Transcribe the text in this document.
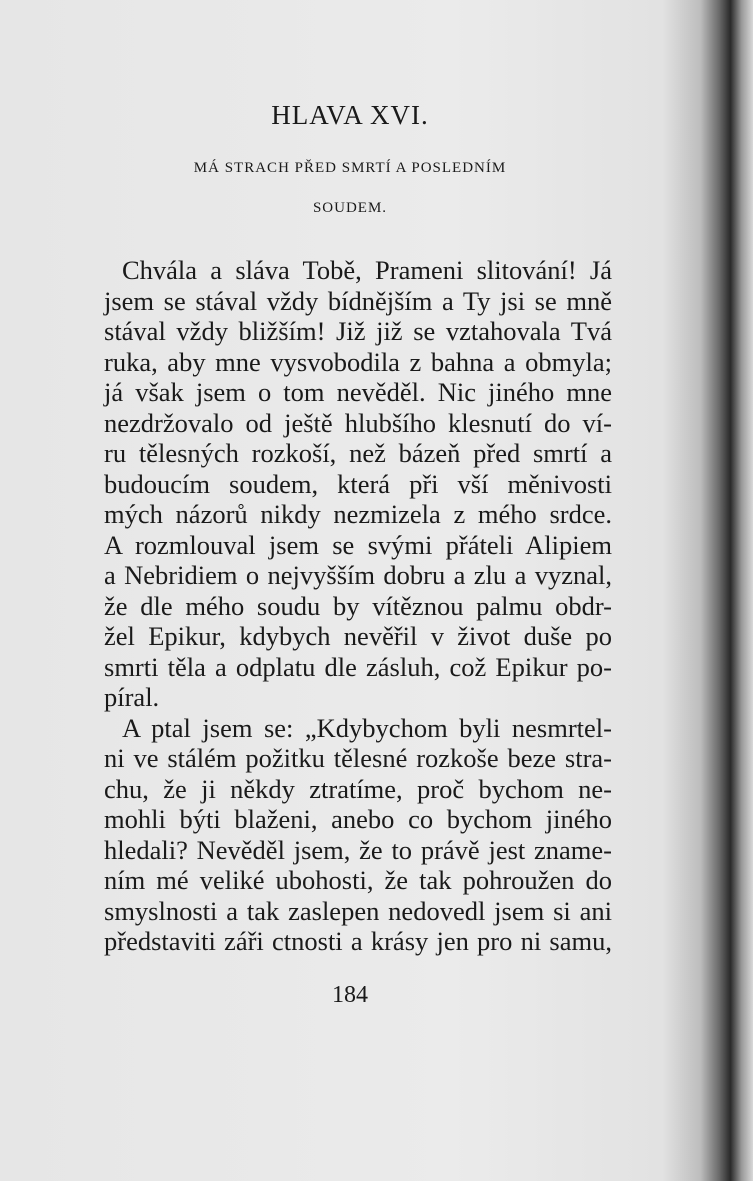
HLAVA XVI.
MÁ STRACH PŘED SMRTÍ A POSLEDNÍM
SOUDEM.
Chvála a sláva Tobě, Prameni slitování! Já
jsem se stával vždy bídnějším a Ty jsi se mně
stával vždy bližším! Již již se vztahovala Tvá
ruka, aby mne vysvobodila z bahna a obmyla;
já však jsem o tom nevěděl. Nic jiného mne
nezdržovalo od ještě hlubšího klesnutí do ví-
ru tělesných rozkoší, než bázeň před smrtí a
budoucím soudem, která při vší měnivosti
mých názorů nikdy nezmizela z mého srdce.
A rozmlouval jsem se svými přáteli Alipiem
a Nebridiem o nejvyšším dobru a zlu a vyznal,
že dle mého soudu by vítěznou palmu obdr-
žel Epikur, kdybych nevěřil v život duše po
smrti těla a odplatu dle zásluh, což Epikur po-
píral.
A ptal jsem se: „Kdybychom byli nesmrtel-
ni ve stálém požitku tělesné rozkoše beze stra-
chu, že ji někdy ztratíme, proč bychom ne-
mohli býti blaženi, anebo co bychom jiného
hledali? Nevěděl jsem, že to právě jest zname-
ním mé veliké ubohosti, že tak pohroužen do
smyslnosti a tak zaslepen nedovedl jsem si ani
představiti záři ctnosti a krásy jen pro ni samu,
184
